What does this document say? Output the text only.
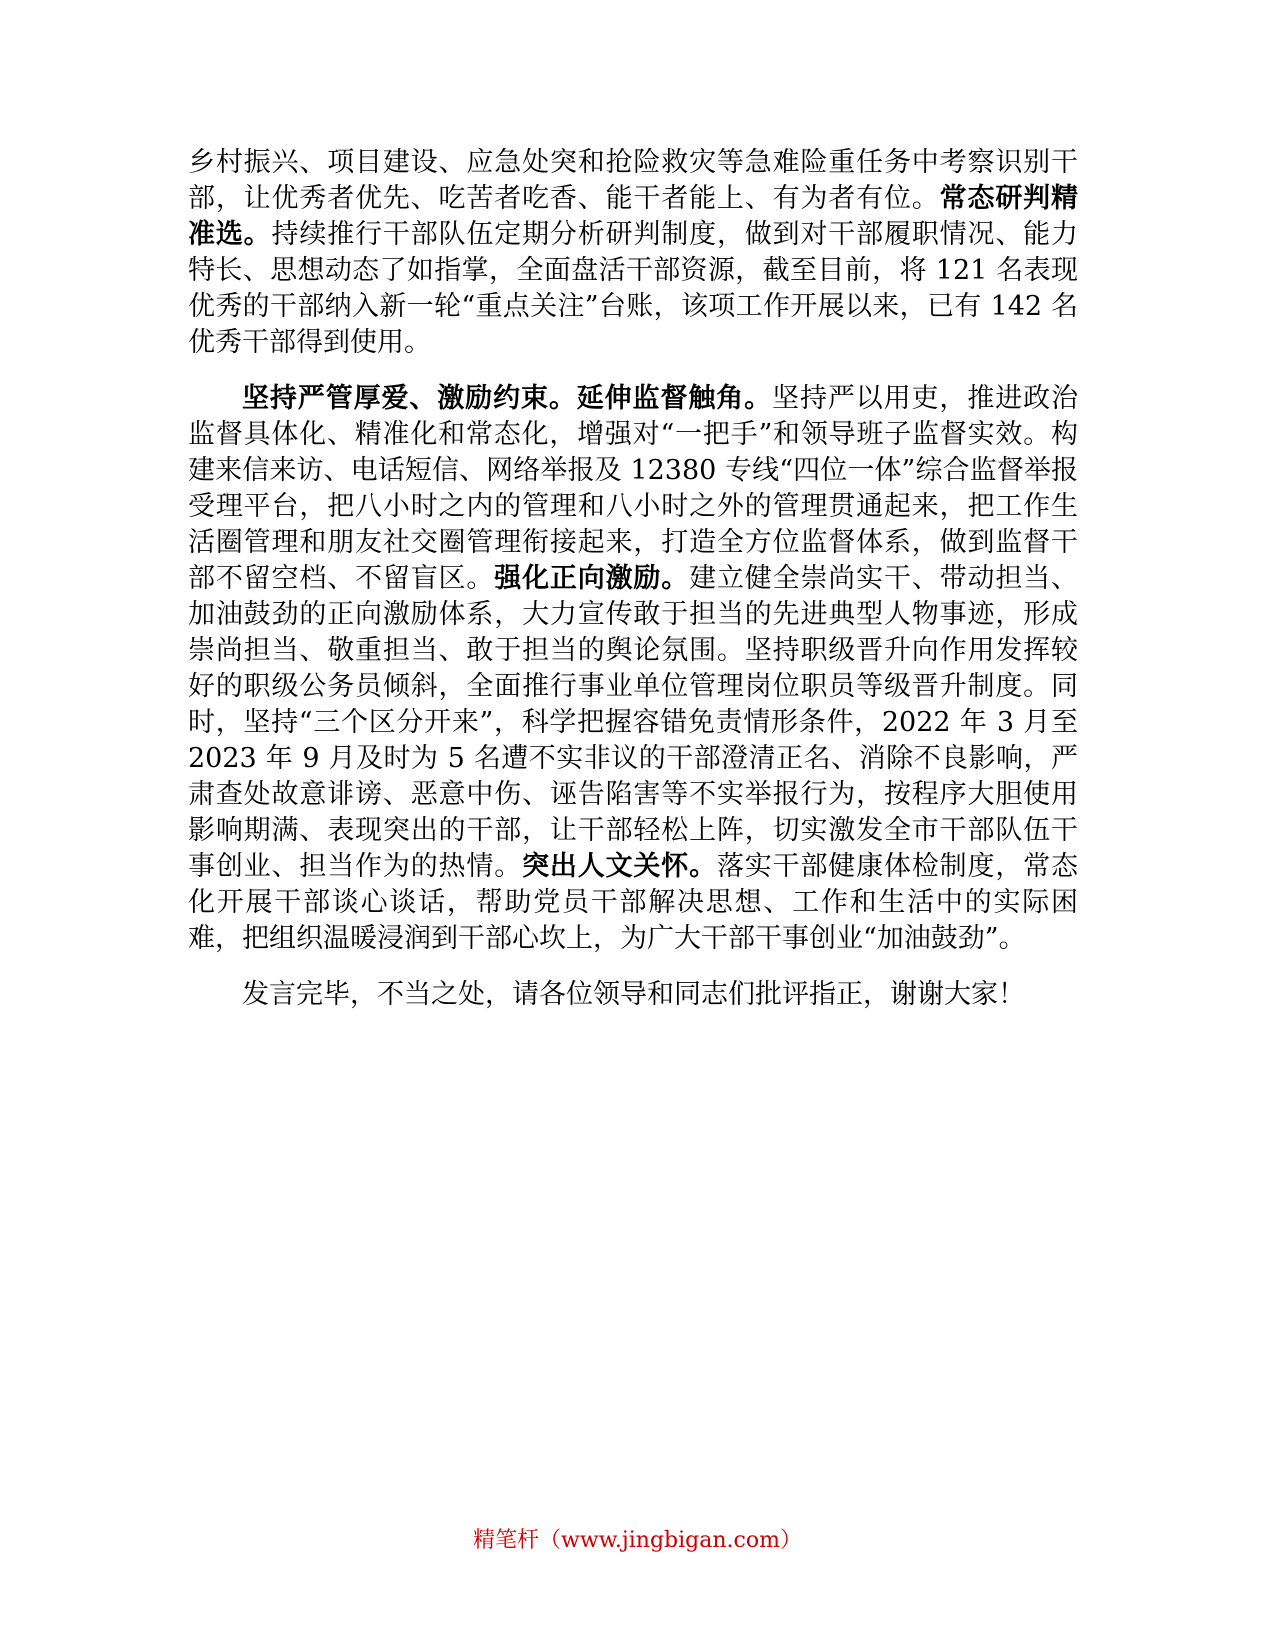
乡村振兴、项目建设、应急处突和抢险救灾等急难险重任务中考察识别干部，让优秀者优先、吃苦者吃香、能干者能上、有为者有位。常态研判精准选。持续推行干部队伍定期分析研判制度，做到对干部履职情况、能力特长、思想动态了如指掌，全面盘活干部资源，截至目前，将 121 名表现优秀的干部纳入新一轮“重点关注”台账，该项工作开展以来，已有 142 名优秀干部得到使用。

坚持严管厚爱、激励约束。延伸监督触角。坚持严以用吏，推进政治监督具体化、精准化和常态化，增强对“一把手”和领导班子监督实效。构建来信来访、电话短信、网络举报及 12380 专线“四位一体”综合监督举报受理平台，把八小时之内的管理和八小时之外的管理贯通起来，把工作生活圈管理和朋友社交圈管理衔接起来，打造全方位监督体系，做到监督干部不留空档、不留盲区。强化正向激励。建立健全崇尚实干、带动担当、加油鼓劲的正向激励体系，大力宣传敢于担当的先进典型人物事迹，形成崇尚担当、敬重担当、敢于担当的舆论氛围。坚持职级晋升向作用发挥较好的职级公务员倾斜，全面推行事业单位管理岗位职员等级晋升制度。同时，坚持“三个区分开来”，科学把握容错免责情形条件，2022 年 3 月至 2023 年 9 月及时为 5 名遭不实非议的干部澄清正名、消除不良影响，严肃查处故意诽谤、恶意中伤、诬告陷害等不实举报行为，按程序大胆使用影响期满、表现突出的干部，让干部轻松上阵，切实激发全市干部队伍干事创业、担当作为的热情。突出人文关怀。落实干部健康体检制度，常态化开展干部谈心谈话，帮助党员干部解决思想、工作和生活中的实际困难，把组织温暖浸润到干部心坎上，为广大干部干事创业“加油鼓劲”。

发言完毕，不当之处，请各位领导和同志们批评指正，谢谢大家！

精笔杆（www.jingbigan.com）
